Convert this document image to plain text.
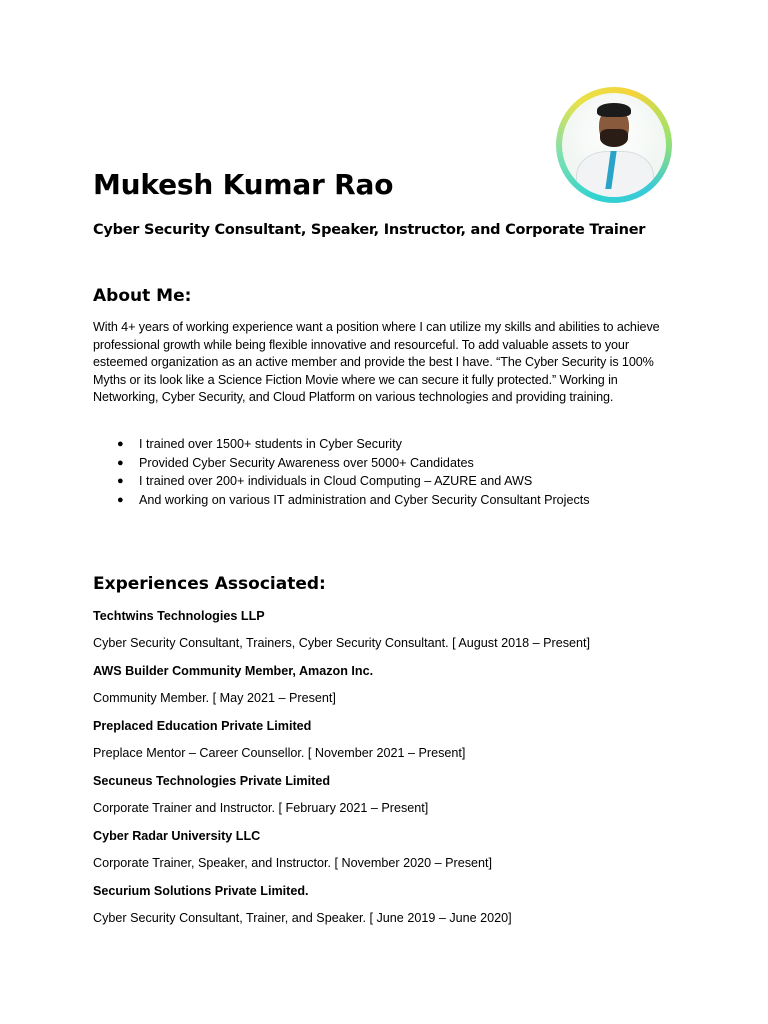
Mukesh Kumar Rao
Cyber Security Consultant, Speaker, Instructor, and Corporate Trainer
About Me:

With 4+ years of working experience want a position where I can utilize my skills and abilities to achieve professional growth while being flexible innovative and resourceful. To add valuable assets to your esteemed organization as an active member and provide the best I have. “The Cyber Security is 100% Myths or its look like a Science Fiction Movie where we can secure it fully protected.” Working in Networking, Cyber Security, and Cloud Platform on various technologies and providing training.

● I trained over 1500+ students in Cyber Security
● Provided Cyber Security Awareness over 5000+ Candidates
● I trained over 200+ individuals in Cloud Computing – AZURE and AWS
● And working on various IT administration and Cyber Security Consultant Projects
Experiences Associated:
Techtwins Technologies LLP
Cyber Security Consultant, Trainers, Cyber Security Consultant. [ August 2018 – Present]
AWS Builder Community Member, Amazon Inc.
Community Member. [ May 2021 – Present]
Preplaced Education Private Limited
Preplace Mentor – Career Counsellor. [ November 2021 – Present]
Secuneus Technologies Private Limited
Corporate Trainer and Instructor. [ February 2021 – Present]
Cyber Radar University LLC
Corporate Trainer, Speaker, and Instructor. [ November 2020 – Present]
Securium Solutions Private Limited.
Cyber Security Consultant, Trainer, and Speaker. [ June 2019 – June 2020]
